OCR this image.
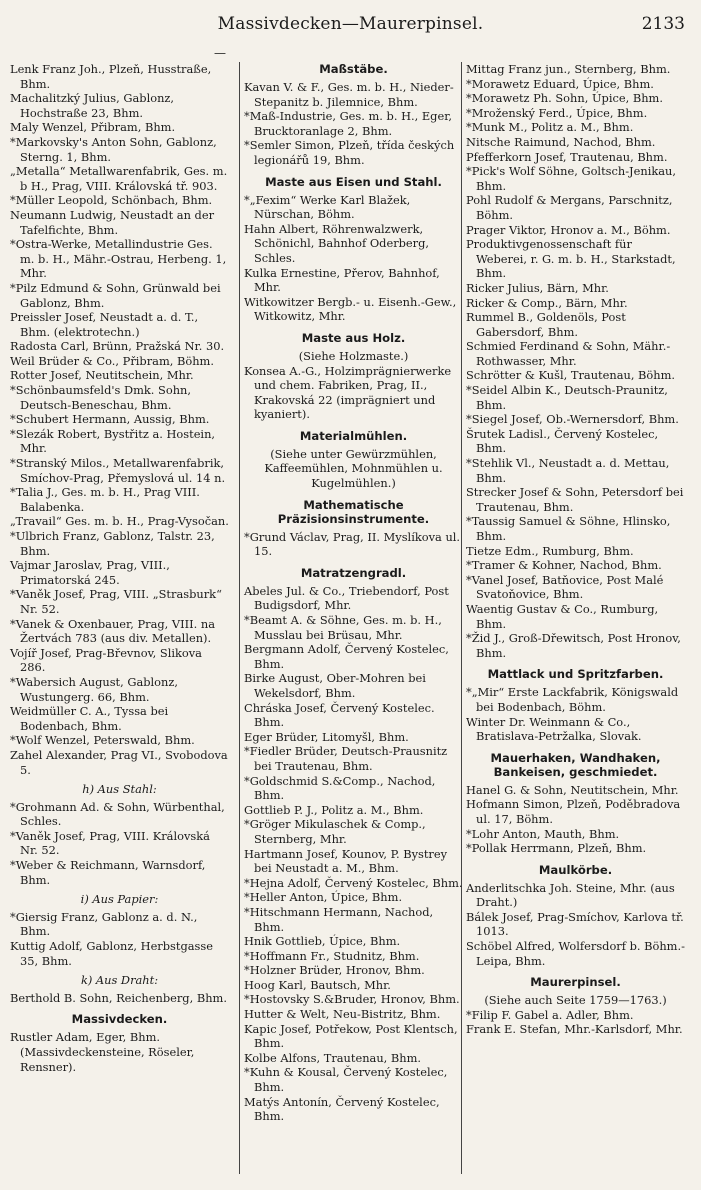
Massivdecken—Maurerpinsel.	2133
—

Lenk Franz Joh., Plzeň, Husstraße, Bhm.

Machalitzký Julius, Gablonz, Hochstraße 23, Bhm.

Maly Wenzel, Přibram, Bhm.

*Markovsky's Anton Sohn, Gablonz, Sterng. 1, Bhm.

„Metalla“ Metallwarenfabrik, Ges. m. b H., Prag, VIII. Královská tř. 903.

*Müller Leopold, Schönbach, Bhm.

Neumann Ludwig, Neustadt an der Tafelfichte, Bhm.

*Ostra-Werke, Metallindustrie Ges. m. b. H., Mähr.-Ostrau, Herbeng. 1, Mhr.

*Pilz Edmund & Sohn, Grünwald bei Gablonz, Bhm.

Preissler Josef, Neustadt a. d. T., Bhm. (elektrotechn.)

Radosta Carl, Brünn, Pražská Nr. 30.

Weil Brüder & Co., Přibram, Böhm.

Rotter Josef, Neutitschein, Mhr.

*Schönbaumsfeld's Dmk. Sohn, Deutsch-Beneschau, Bhm.

*Schubert Hermann, Aussig, Bhm.

*Slezák Robert, Bystřitz a. Hostein, Mhr.

*Stranský Milos., Metallwarenfabrik, Smíchov-Prag, Přemyslová ul. 14 n.

*Talia J., Ges. m. b. H., Prag VIII. Balabenka.

„Travail“ Ges. m. b. H., Prag-Vysočan.

*Ulbrich Franz, Gablonz, Talstr. 23, Bhm.

Vajmar Jaroslav, Prag, VIII., Primatorská 245.

*Vaněk Josef, Prag, VIII. „Strasburk“ Nr. 52.

*Vanek & Oxenbauer, Prag, VIII. na Žertvách 783 (aus div. Metallen).

Vojíř Josef, Prag-Břevnov, Slikova 286.

*Wabersich August, Gablonz, Wustungerg. 66, Bhm.

Weidmüller C. A., Tyssa bei Bodenbach, Bhm.

*Wolf Wenzel, Peterswald, Bhm.

Zahel Alexander, Prag VI., Svobodova 5.

h) Aus Stahl:

*Grohmann Ad. & Sohn, Würbenthal, Schles.

*Vaněk Josef, Prag, VIII. Královská Nr. 52.

*Weber & Reichmann, Warnsdorf, Bhm.

i) Aus Papier:

*Giersig Franz, Gablonz a. d. N., Bhm.

Kuttig Adolf, Gablonz, Herbstgasse 35, Bhm.

k) Aus Draht:

Berthold B. Sohn, Reichenberg, Bhm.

Massivdecken.

Rustler Adam, Eger, Bhm. (Massivdeckensteine, Röseler, Rensner).

Maßstäbe.

Kavan V. & F., Ges. m. b. H., Nieder-Stepanitz b. Jilemnice, Bhm.

*Maß-Industrie, Ges. m. b. H., Eger, Brucktoranlage 2, Bhm.

*Semler Simon, Plzeň, třída českých legionářů 19, Bhm.

Maste aus Eisen und Stahl.

*„Fexim“ Werke Karl Blažek, Nürschan, Böhm.

Hahn Albert, Röhrenwalzwerk, Schönichl, Bahnhof Oderberg, Schles.

Kulka Ernestine, Přerov, Bahnhof, Mhr.

Witkowitzer Bergb.- u. Eisenh.-Gew., Witkowitz, Mhr.

Maste aus Holz.

(Siehe Holzmaste.)

Konsea A.-G., Holzimprägnierwerke und chem. Fabriken, Prag, II., Krakovská 22 (imprägniert und kyaniert).

Materialmühlen.

(Siehe unter Gewürzmühlen, Kaffeemühlen, Mohnmühlen u. Kugelmühlen.)

Mathematische Präzisionsinstrumente.

*Grund Václav, Prag, II. Myslíkova ul. 15.

Matratzengradl.

Abeles Jul. & Co., Triebendorf, Post Budigsdorf, Mhr.

*Beamt A. & Söhne, Ges. m. b. H., Musslau bei Brüsau, Mhr.

Bergmann Adolf, Červený Kostelec, Bhm.

Birke August, Ober-Mohren bei Wekelsdorf, Bhm.

Chráska Josef, Červený Kostelec. Bhm.

Eger Brüder, Litomyšl, Bhm.

*Fiedler Brüder, Deutsch-Prausnitz bei Trautenau, Bhm.

*Goldschmid S.&Comp., Nachod, Bhm.

Gottlieb P. J., Politz a. M., Bhm.

*Gröger Mikulaschek & Comp., Sternberg, Mhr.

Hartmann Josef, Kounov, P. Bystrey bei Neustadt a. M., Bhm.

*Hejna Adolf, Červený Kostelec, Bhm.

*Heller Anton, Úpice, Bhm.

*Hitschmann Hermann, Nachod, Bhm.

Hnik Gottlieb, Úpice, Bhm.

*Hoffmann Fr., Studnitz, Bhm.

*Holzner Brüder, Hronov, Bhm.

Hoog Karl, Bautsch, Mhr.

*Hostovsky S.&Bruder, Hronov, Bhm.

Hutter & Welt, Neu-Bistritz, Bhm.

Kapic Josef, Potřekow, Post Klentsch, Bhm.

Kolbe Alfons, Trautenau, Bhm.

*Kuhn & Kousal, Červený Kostelec, Bhm.

Matýs Antonín, Červený Kostelec, Bhm.

Mittag Franz jun., Sternberg, Bhm.

*Morawetz Eduard, Úpice, Bhm.

*Morawetz Ph. Sohn, Úpice, Bhm.

*Mroženský Ferd., Úpice, Bhm.

*Munk M., Politz a. M., Bhm.

Nitsche Raimund, Nachod, Bhm.

Pfefferkorn Josef, Trautenau, Bhm.

*Pick's Wolf Söhne, Goltsch-Jenikau, Bhm.

Pohl Rudolf & Mergans, Parschnitz, Böhm.

Prager Viktor, Hronov a. M., Böhm.

Produktivgenossenschaft für Weberei, r. G. m. b. H., Starkstadt, Bhm.

Ricker Julius, Bärn, Mhr.

Ricker & Comp., Bärn, Mhr.

Rummel B., Goldenöls, Post Gabersdorf, Bhm.

Schmied Ferdinand & Sohn, Mähr.-Rothwasser, Mhr.

Schrötter & Kušl, Trautenau, Böhm.

*Seidel Albin K., Deutsch-Praunitz, Bhm.

*Siegel Josef, Ob.-Wernersdorf, Bhm.

Šrutek Ladisl., Červený Kostelec, Bhm.

*Stehlik Vl., Neustadt a. d. Mettau, Bhm.

Strecker Josef & Sohn, Petersdorf bei Trautenau, Bhm.

*Taussig Samuel & Söhne, Hlinsko, Bhm.

Tietze Edm., Rumburg, Bhm.

*Tramer & Kohner, Nachod, Bhm.

*Vanel Josef, Batňovice, Post Malé Svatoňovice, Bhm.

Waentig Gustav & Co., Rumburg, Bhm.

*Žid J., Groß-Dřewitsch, Post Hronov, Bhm.

Mattlack und Spritzfarben.

*„Mir“ Erste Lackfabrik, Königswald bei Bodenbach, Böhm.

Winter Dr. Weinmann & Co., Bratislava-Petržalka, Slovak.

Mauerhaken, Wandhaken, Bankeisen, geschmiedet.

Hanel G. & Sohn, Neutitschein, Mhr.

Hofmann Simon, Plzeň, Poděbradova ul. 17, Böhm.

*Lohr Anton, Mauth, Bhm.

*Pollak Herrmann, Plzeň, Bhm.

Maulkörbe.

Anderlitschka Joh. Steine, Mhr. (aus Draht.)

Bálek Josef, Prag-Smíchov, Karlova tř. 1013.

Schöbel Alfred, Wolfersdorf b. Böhm.-Leipa, Bhm.

Maurerpinsel.

(Siehe auch Seite 1759—1763.)

*Filip F. Gabel a. Adler, Bhm.

Frank E. Stefan, Mhr.-Karlsdorf, Mhr.
